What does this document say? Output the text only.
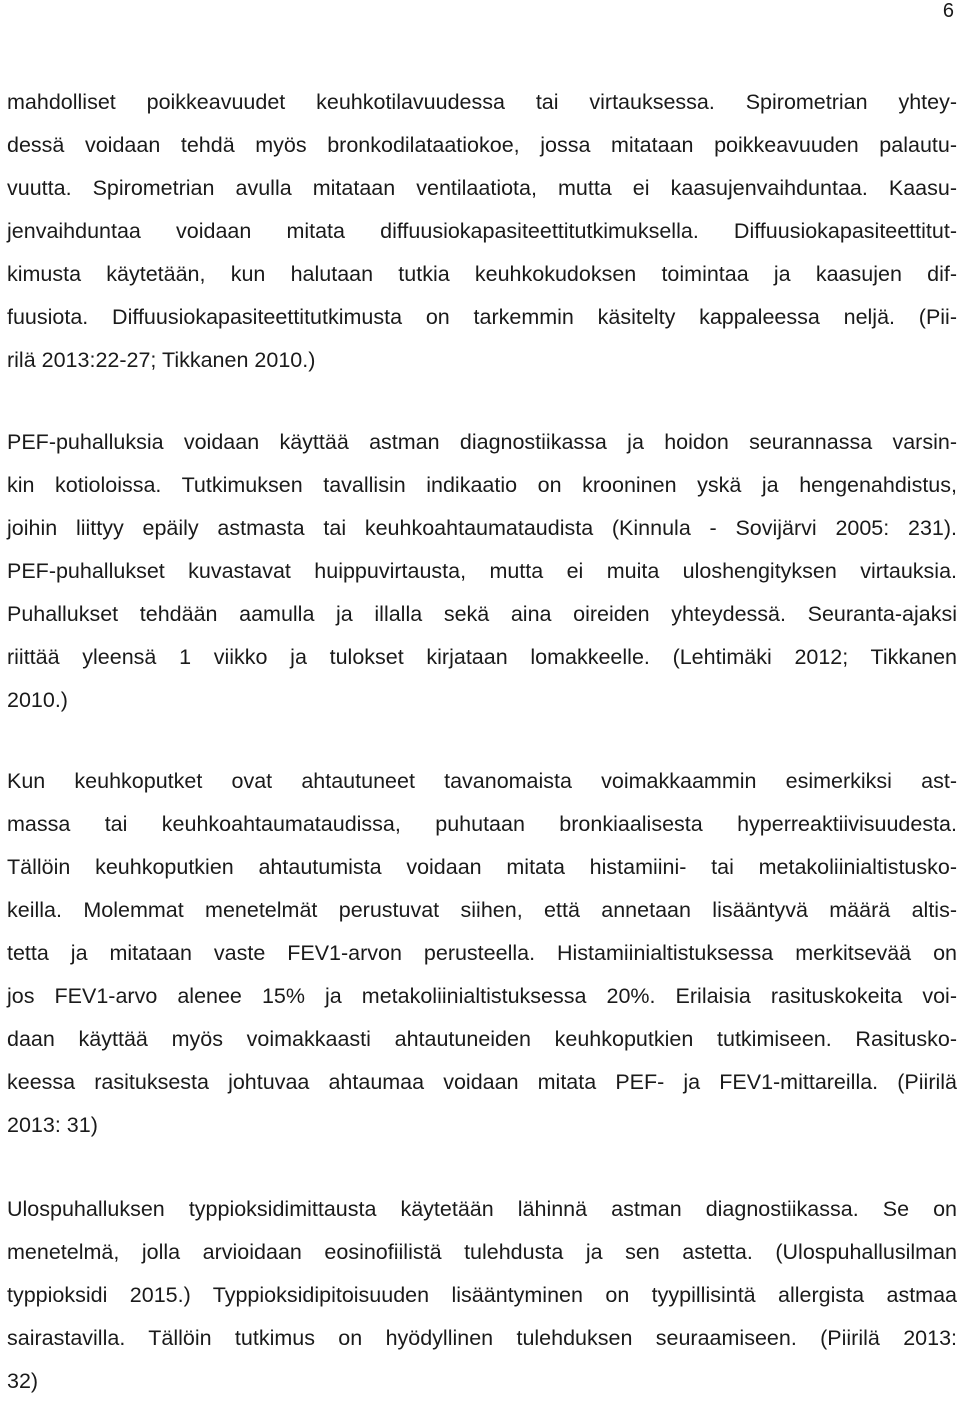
6
mahdolliset poikkeavuudet keuhkotilavuudessa tai virtauksessa. Spirometrian yhtey-
dessä voidaan tehdä myös bronkodilataatiokoe, jossa mitataan poikkeavuuden palautu-
vuutta. Spirometrian avulla mitataan ventilaatiota, mutta ei kaasujenvaihduntaa. Kaasu-
jenvaihduntaa voidaan mitata diffuusiokapasiteettitutkimuksella. Diffuusiokapasiteettitut-
kimusta käytetään, kun halutaan tutkia keuhkokudoksen toimintaa ja kaasujen dif-
fuusiota. Diffuusiokapasiteettitutkimusta on tarkemmin käsitelty kappaleessa neljä. (Pii-
rilä 2013:22-27; Tikkanen 2010.)
PEF-puhalluksia voidaan käyttää astman diagnostiikassa ja hoidon seurannassa varsin-
kin kotioloissa. Tutkimuksen tavallisin indikaatio on krooninen yskä ja hengenahdistus,
joihin liittyy epäily astmasta tai keuhkoahtaumataudista (Kinnula - Sovijärvi 2005: 231).
PEF-puhallukset kuvastavat huippuvirtausta, mutta ei muita uloshengityksen virtauksia.
Puhallukset tehdään aamulla ja illalla sekä aina oireiden yhteydessä. Seuranta-ajaksi
riittää yleensä 1 viikko ja tulokset kirjataan lomakkeelle. (Lehtimäki 2012; Tikkanen
2010.)
Kun keuhkoputket ovat ahtautuneet tavanomaista voimakkaammin esimerkiksi ast-
massa tai keuhkoahtaumataudissa, puhutaan bronkiaalisesta hyperreaktiivisuudesta.
Tällöin keuhkoputkien ahtautumista voidaan mitata histamiini- tai metakoliinialtistusko-
keilla. Molemmat menetelmät perustuvat siihen, että annetaan lisääntyvä määrä altis-
tetta ja mitataan vaste FEV1-arvon perusteella. Histamiinialtistuksessa merkitsevää on
jos FEV1-arvo alenee 15% ja metakoliinialtistuksessa 20%. Erilaisia rasituskokeita voi-
daan käyttää myös voimakkaasti ahtautuneiden keuhkoputkien tutkimiseen. Rasitusko-
keessa rasituksesta johtuvaa ahtaumaa voidaan mitata PEF- ja FEV1-mittareilla. (Piirilä
2013: 31)
Ulospuhalluksen typpioksidimittausta käytetään lähinnä astman diagnostiikassa. Se on
menetelmä, jolla arvioidaan eosinofiilistä tulehdusta ja sen astetta. (Ulospuhallusilman
typpioksidi 2015.) Typpioksidipitoisuuden lisääntyminen on tyypillisintä allergista astmaa
sairastavilla. Tällöin tutkimus on hyödyllinen tulehduksen seuraamiseen. (Piirilä 2013:
32)
